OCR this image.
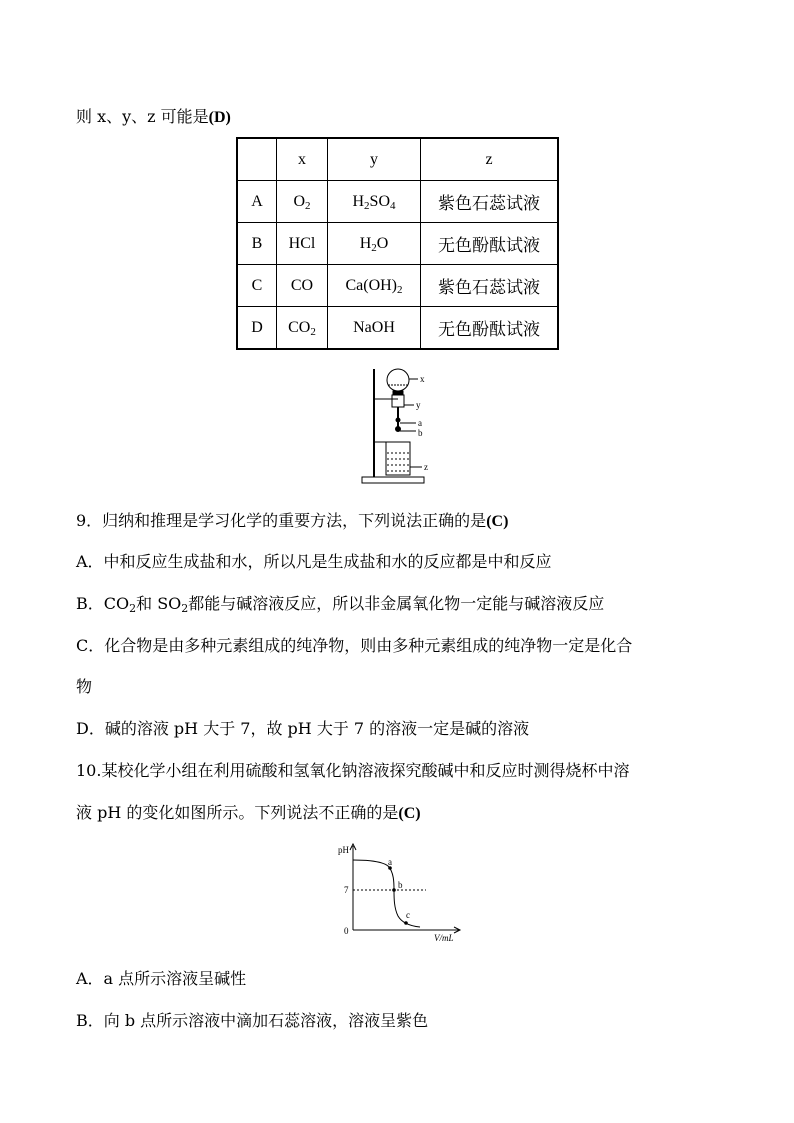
则 x、y、z 可能是(D)
	x	y	z
A	$O_2$	$H_2SO_4$	紫色石蕊试液
B	HCl	$H_2O$	无色酚酞试液
C	CO	$Ca(OH)_2$	紫色石蕊试液
D	$CO_2$	NaOH	无色酚酞试液
x
y
a
b
z
9．归纳和推理是学习化学的重要方法，下列说法正确的是(C)
A．中和反应生成盐和水，所以凡是生成盐和水的反应都是中和反应
B．$CO_2$和 $SO_2$都能与碱溶液反应，所以非金属氧化物一定能与碱溶液反应
C．化合物是由多种元素组成的纯净物，则由多种元素组成的纯净物一定是化合
物
D．碱的溶液 pH 大于 7，故 pH 大于 7 的溶液一定是碱的溶液
10.某校化学小组在利用硫酸和氢氧化钠溶液探究酸碱中和反应时测得烧杯中溶
液 pH 的变化如图所示。下列说法不正确的是(C)
pH
7
0
V/mL
a
b
c
A．a 点所示溶液呈碱性
B．向 b 点所示溶液中滴加石蕊溶液，溶液呈紫色
